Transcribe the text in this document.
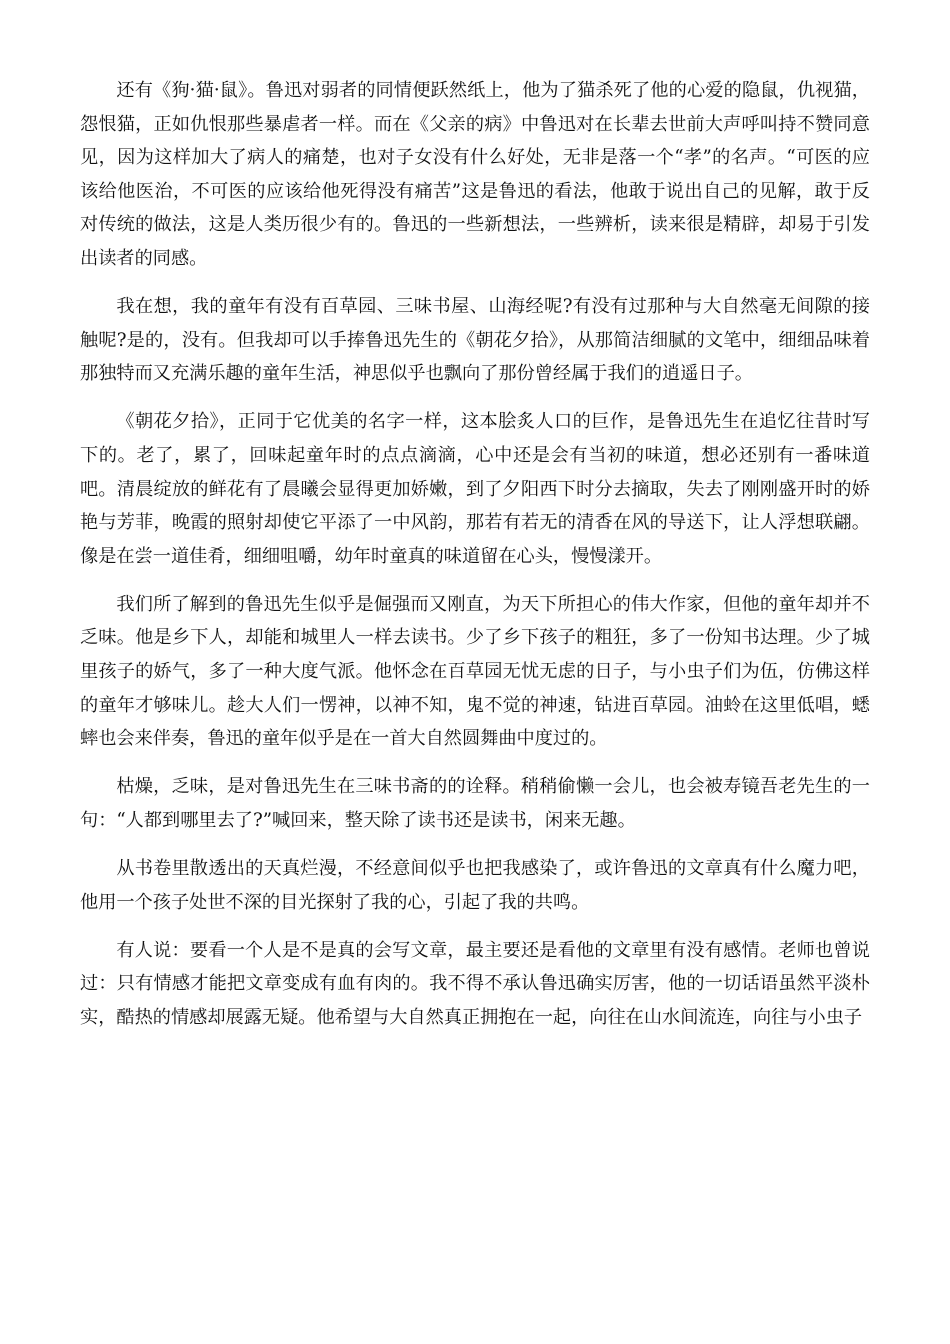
还有《狗·猫·鼠》。鲁迅对弱者的同情便跃然纸上，他为了猫杀死了他的心爱的隐鼠，仇视猫，怨恨猫，正如仇恨那些暴虐者一样。而在《父亲的病》中鲁迅对在长辈去世前大声呼叫持不赞同意见，因为这样加大了病人的痛楚，也对子女没有什么好处，无非是落一个“孝”的名声。“可医的应该给他医治，不可医的应该给他死得没有痛苦”这是鲁迅的看法，他敢于说出自己的见解，敢于反对传统的做法，这是人类历很少有的。鲁迅的一些新想法，一些辨析，读来很是精辟，却易于引发出读者的同感。

我在想，我的童年有没有百草园、三味书屋、山海经呢?有没有过那种与大自然毫无间隙的接触呢?是的，没有。但我却可以手捧鲁迅先生的《朝花夕拾》，从那简洁细腻的文笔中，细细品味着那独特而又充满乐趣的童年生活，神思似乎也飘向了那份曾经属于我们的逍遥日子。

《朝花夕拾》，正同于它优美的名字一样，这本脍炙人口的巨作，是鲁迅先生在追忆往昔时写下的。老了，累了，回味起童年时的点点滴滴，心中还是会有当初的味道，想必还别有一番味道吧。清晨绽放的鲜花有了晨曦会显得更加娇嫩，到了夕阳西下时分去摘取，失去了刚刚盛开时的娇艳与芳菲，晚霞的照射却使它平添了一中风韵，那若有若无的清香在风的导送下，让人浮想联翩。像是在尝一道佳肴，细细咀嚼，幼年时童真的味道留在心头，慢慢漾开。

我们所了解到的鲁迅先生似乎是倔强而又刚直，为天下所担心的伟大作家，但他的童年却并不乏味。他是乡下人，却能和城里人一样去读书。少了乡下孩子的粗狂，多了一份知书达理。少了城里孩子的娇气，多了一种大度气派。他怀念在百草园无忧无虑的日子，与小虫子们为伍，仿佛这样的童年才够味儿。趁大人们一愣神，以神不知，鬼不觉的神速，钻进百草园。油蛉在这里低唱，蟋蟀也会来伴奏，鲁迅的童年似乎是在一首大自然圆舞曲中度过的。

枯燥，乏味，是对鲁迅先生在三味书斋的的诠释。稍稍偷懒一会儿，也会被寿镜吾老先生的一句：“人都到哪里去了?”喊回来，整天除了读书还是读书，闲来无趣。

从书卷里散透出的天真烂漫，不经意间似乎也把我感染了，或许鲁迅的文章真有什么魔力吧，他用一个孩子处世不深的目光探射了我的心，引起了我的共鸣。

有人说：要看一个人是不是真的会写文章，最主要还是看他的文章里有没有感情。老师也曾说过：只有情感才能把文章变成有血有肉的。我不得不承认鲁迅确实厉害，他的一切话语虽然平淡朴实，酷热的情感却展露无疑。他希望与大自然真正拥抱在一起，向往在山水间流连，向往与小虫子
